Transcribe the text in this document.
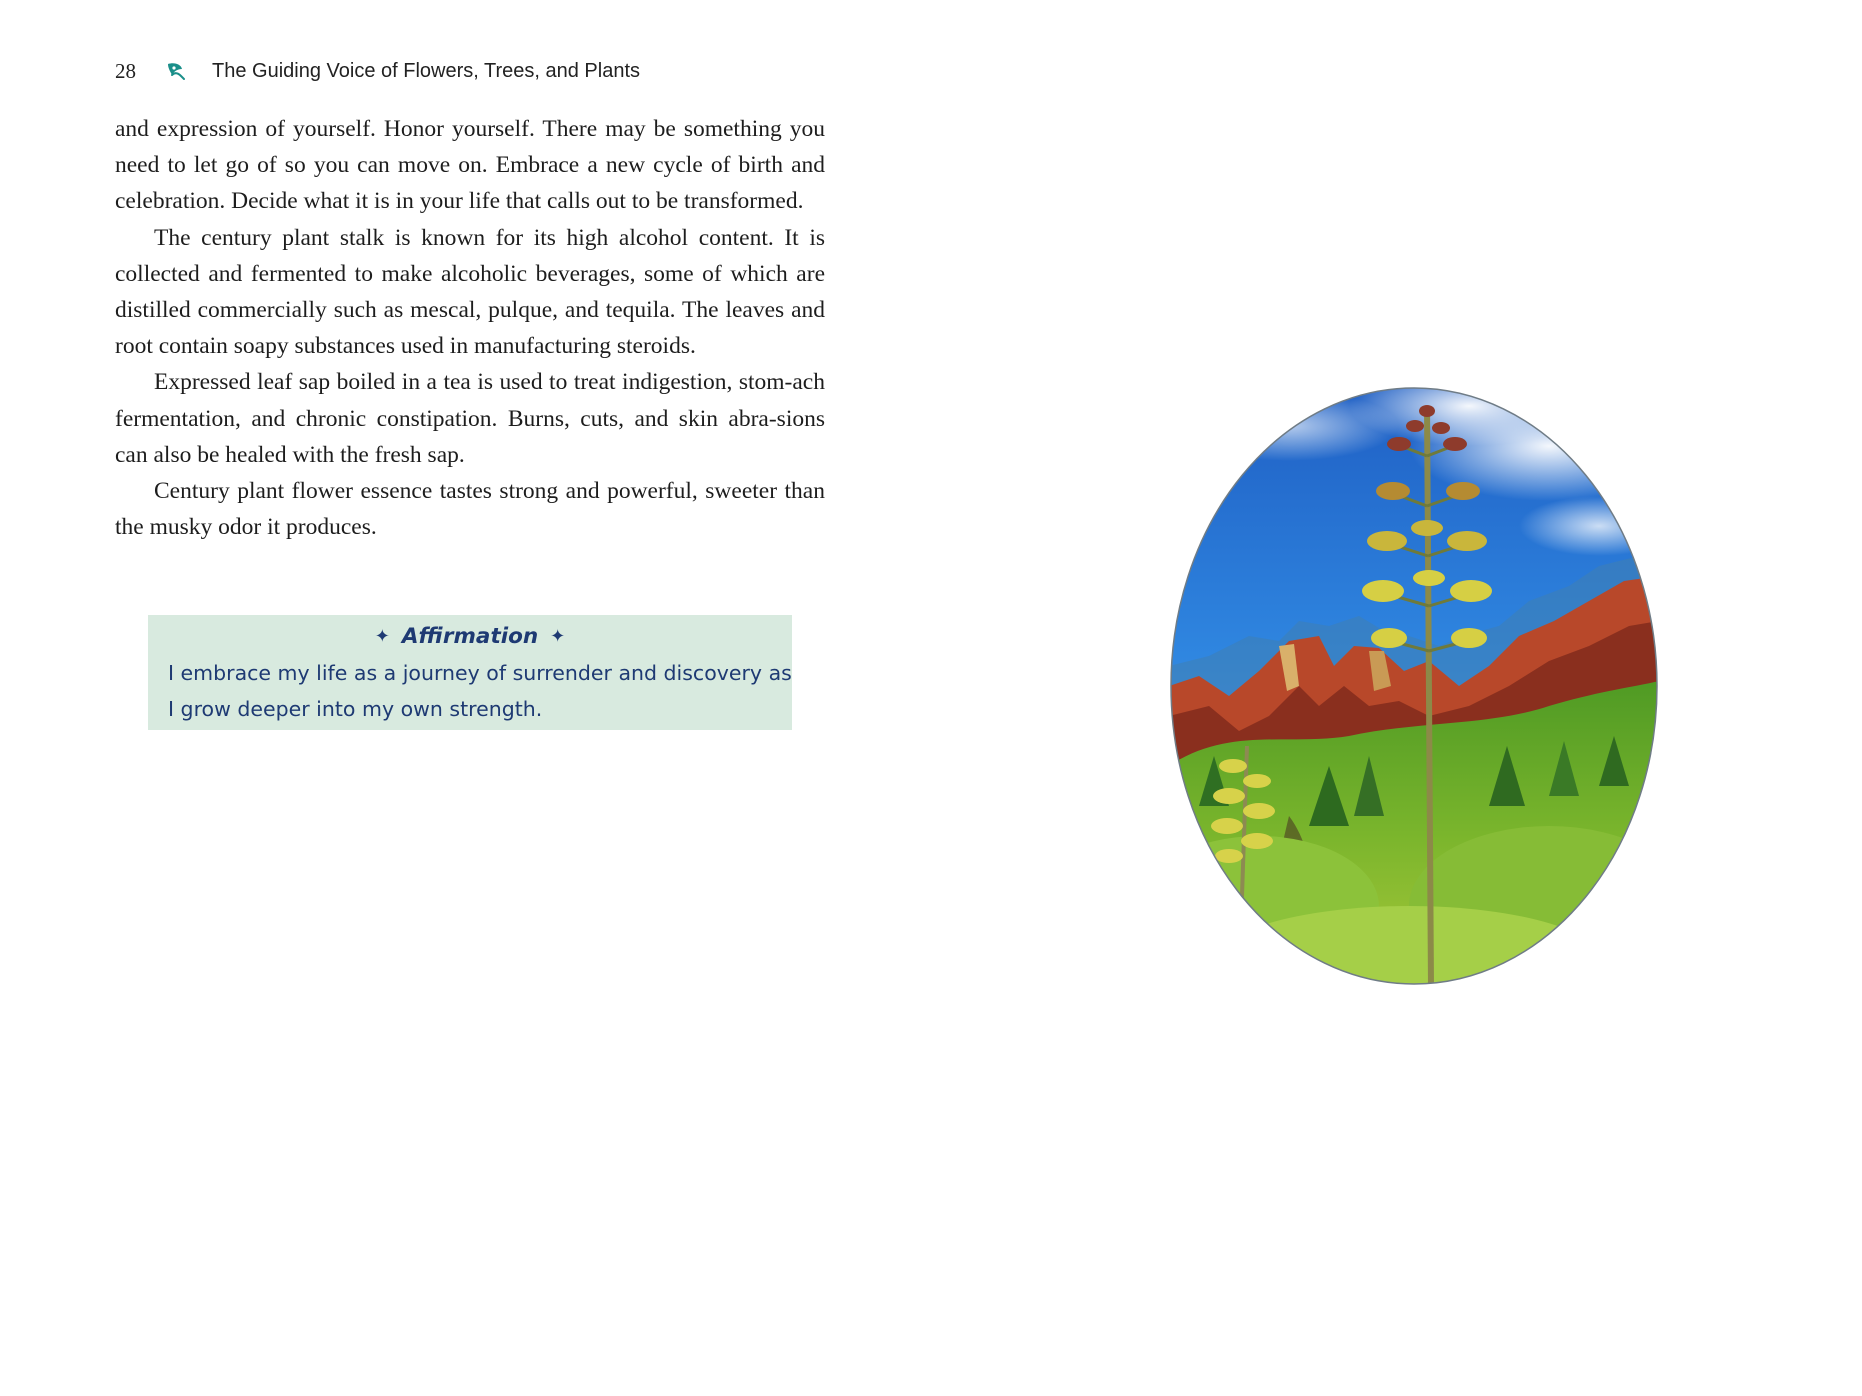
28	The Guiding Voice of Flowers, Trees, and Plants

and expression of yourself. Honor yourself. There may be something you need to let go of so you can move on. Embrace a new cycle of birth and celebration. Decide what it is in your life that calls out to be transformed.

The century plant stalk is known for its high alcohol content. It is collected and fermented to make alcoholic beverages, some of which are distilled commercially such as mescal, pulque, and tequila. The leaves and root contain soapy substances used in manufacturing steroids.

Expressed leaf sap boiled in a tea is used to treat indigestion, stom-ach fermentation, and chronic constipation. Burns, cuts, and skin abra-sions can also be healed with the fresh sap.

Century plant flower essence tastes strong and powerful, sweeter than the musky odor it produces.

✦ Affirmation ✦
I embrace my life as a journey of surrender and discovery as
I grow deeper into my own strength.
